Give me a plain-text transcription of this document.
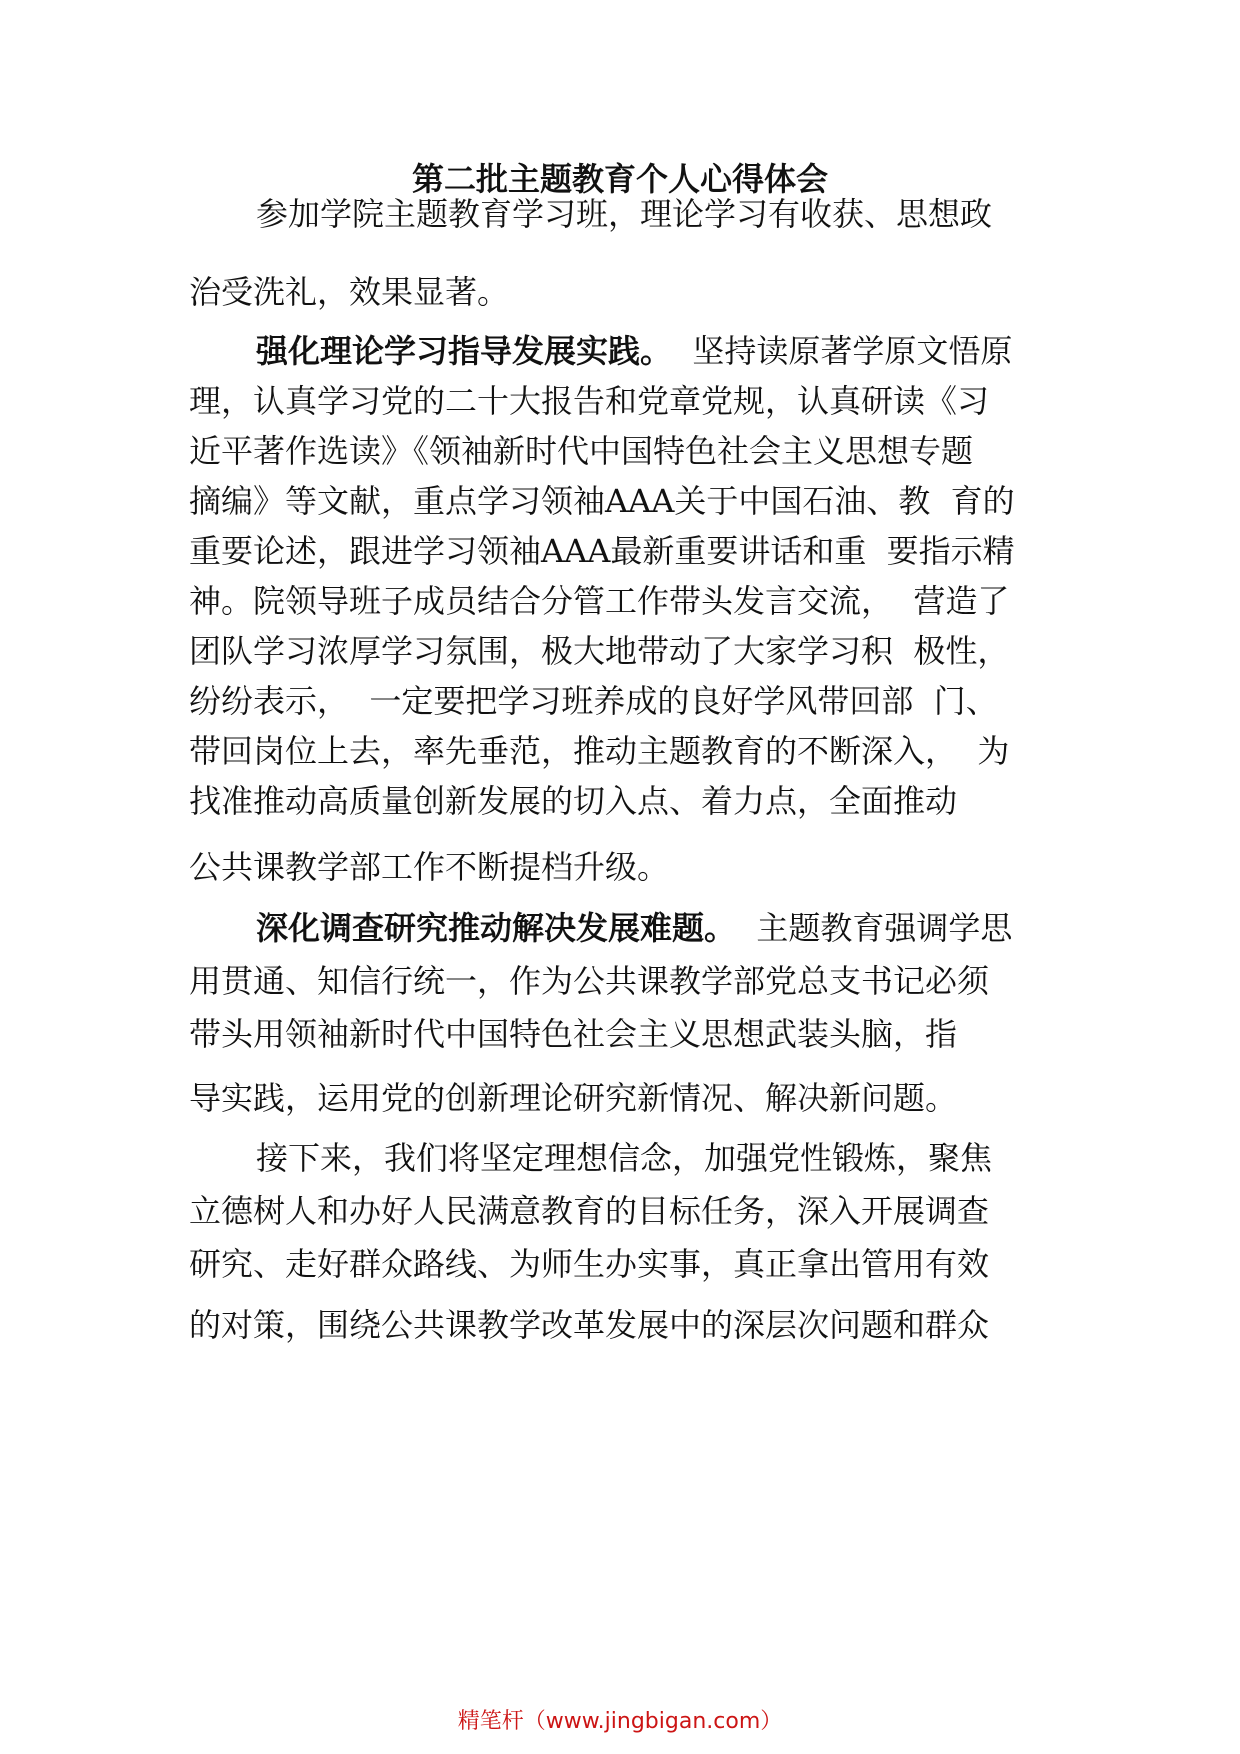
第二批主题教育个人心得体会

参加学院主题教育学习班，理论学习有收获、思想政

治受洗礼，效果显著。

强化理论学习指导发展实践。  坚持读原著学原文悟原

理，认真学习党的二十大报告和党章党规，认真研读《习

近平著作选读》《领袖新时代中国特色社会主义思想专题

摘编》等文献，重点学习领袖AAA关于中国石油、教  育的

重要论述，跟进学习领袖AAA最新重要讲话和重  要指示精

神。院领导班子成员结合分管工作带头发言交流，  营造了

团队学习浓厚学习氛围，极大地带动了大家学习积  极性，

纷纷表示，  一定要把学习班养成的良好学风带回部  门、

带回岗位上去，率先垂范，推动主题教育的不断深入，  为

找准推动高质量创新发展的切入点、着力点，全面推动

公共课教学部工作不断提档升级。

深化调查研究推动解决发展难题。  主题教育强调学思

用贯通、知信行统一，作为公共课教学部党总支书记必须

带头用领袖新时代中国特色社会主义思想武装头脑，指

导实践，运用党的创新理论研究新情况、解决新问题。

接下来，我们将坚定理想信念，加强党性锻炼，聚焦

立德树人和办好人民满意教育的目标任务，深入开展调查

研究、走好群众路线、为师生办实事，真正拿出管用有效

的对策，围绕公共课教学改革发展中的深层次问题和群众

精笔杆（www.jingbigan.com）
